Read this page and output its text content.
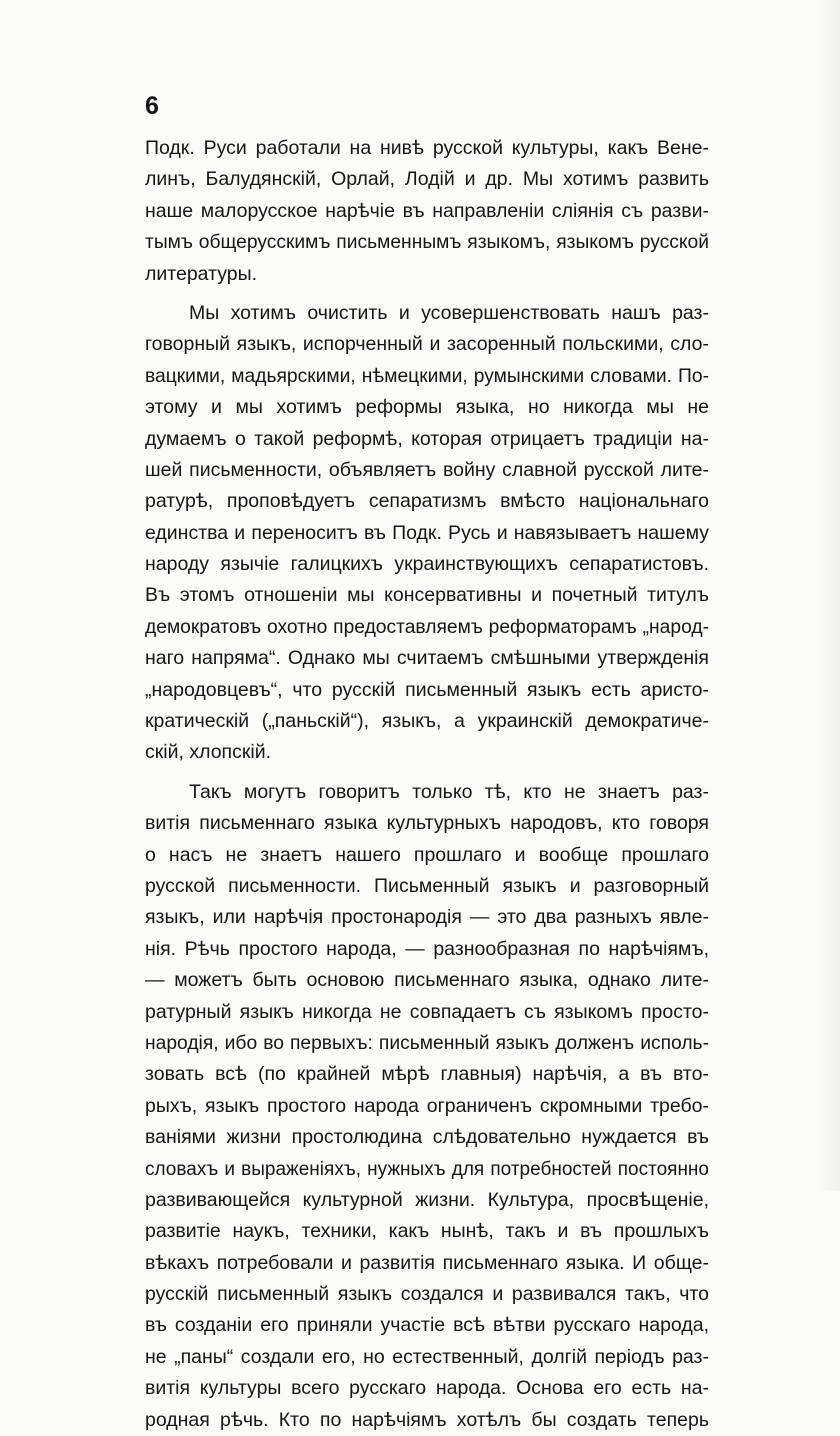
6
Подк. Руси работали на нивѣ русской культуры, какъ Вене-
линъ, Балудянскій, Орлай, Лодій и др. Мы хотимъ развить
наше малорусское нарѣчіе въ направленіи сліянія съ разви-
тымъ общерусскимъ письменнымъ языкомъ, языкомъ русской
литературы.
Мы хотимъ очистить и усовершенствовать нашъ раз-
говорный языкъ, испорченный и засоренный польскими, сло-
вацкими, мадьярскими, нѣмецкими, румынскими словами. По-
этому и мы хотимъ реформы языка, но никогда мы не
думаемъ о такой реформѣ, которая отрицаетъ традиціи на-
шей письменности, объявляетъ войну славной русской лите-
ратурѣ, проповѣдуетъ сепаратизмъ вмѣсто національнаго
единства и переноситъ въ Подк. Русь и навязываетъ нашему
народу язычіе галицкихъ украинствующихъ сепаратистовъ.
Въ этомъ отношеніи мы консервативны и почетный титулъ
демократовъ охотно предоставляемъ реформаторамъ „народ-
наго напряма“. Однако мы считаемъ смѣшными утвержденія
„народовцевъ“, что русскій письменный языкъ есть аристо-
кратическій („паньскій“), языкъ, а украинскій демократиче-
скій, хлопскій.
Такъ могутъ говоритъ только тѣ, кто не знаетъ раз-
витія письменнаго языка культурныхъ народовъ, кто говоря
о насъ не знаетъ нашего прошлаго и вообще прошлаго
русской письменности. Письменный языкъ и разговорный
языкъ, или нарѣчія простонародія — это два разныхъ явле-
нія. Рѣчь простого народа, — разнообразная по нарѣчіямъ,
— можетъ быть основою письменнаго языка, однако лите-
ратурный языкъ никогда не совпадаетъ съ языкомъ просто-
народія, ибо во первыхъ: письменный языкъ долженъ исполь-
зовать всѣ (по крайней мѣрѣ главныя) нарѣчія, а въ вто-
рыхъ, языкъ простого народа ограниченъ скромными требо-
ваніями жизни простолюдина слѣдовательно нуждается въ
словахъ и выраженіяхъ, нужныхъ для потребностей постоянно
развивающейся культурной жизни. Культура, просвѣщеніе,
развитіе наукъ, техники, какъ нынѣ, такъ и въ прошлыхъ
вѣкахъ потребовали и развитія письменнаго языка. И обще-
русскій письменный языкъ создался и развивался такъ, что
въ созданіи его приняли участіе всѣ вѣтви русскаго народа,
не „паны“ создали его, но естественный, долгій періодъ раз-
витія культуры всего русскаго народа. Основа его есть на-
родная рѣчь. Кто по нарѣчіямъ хотѣлъ бы создать теперь
